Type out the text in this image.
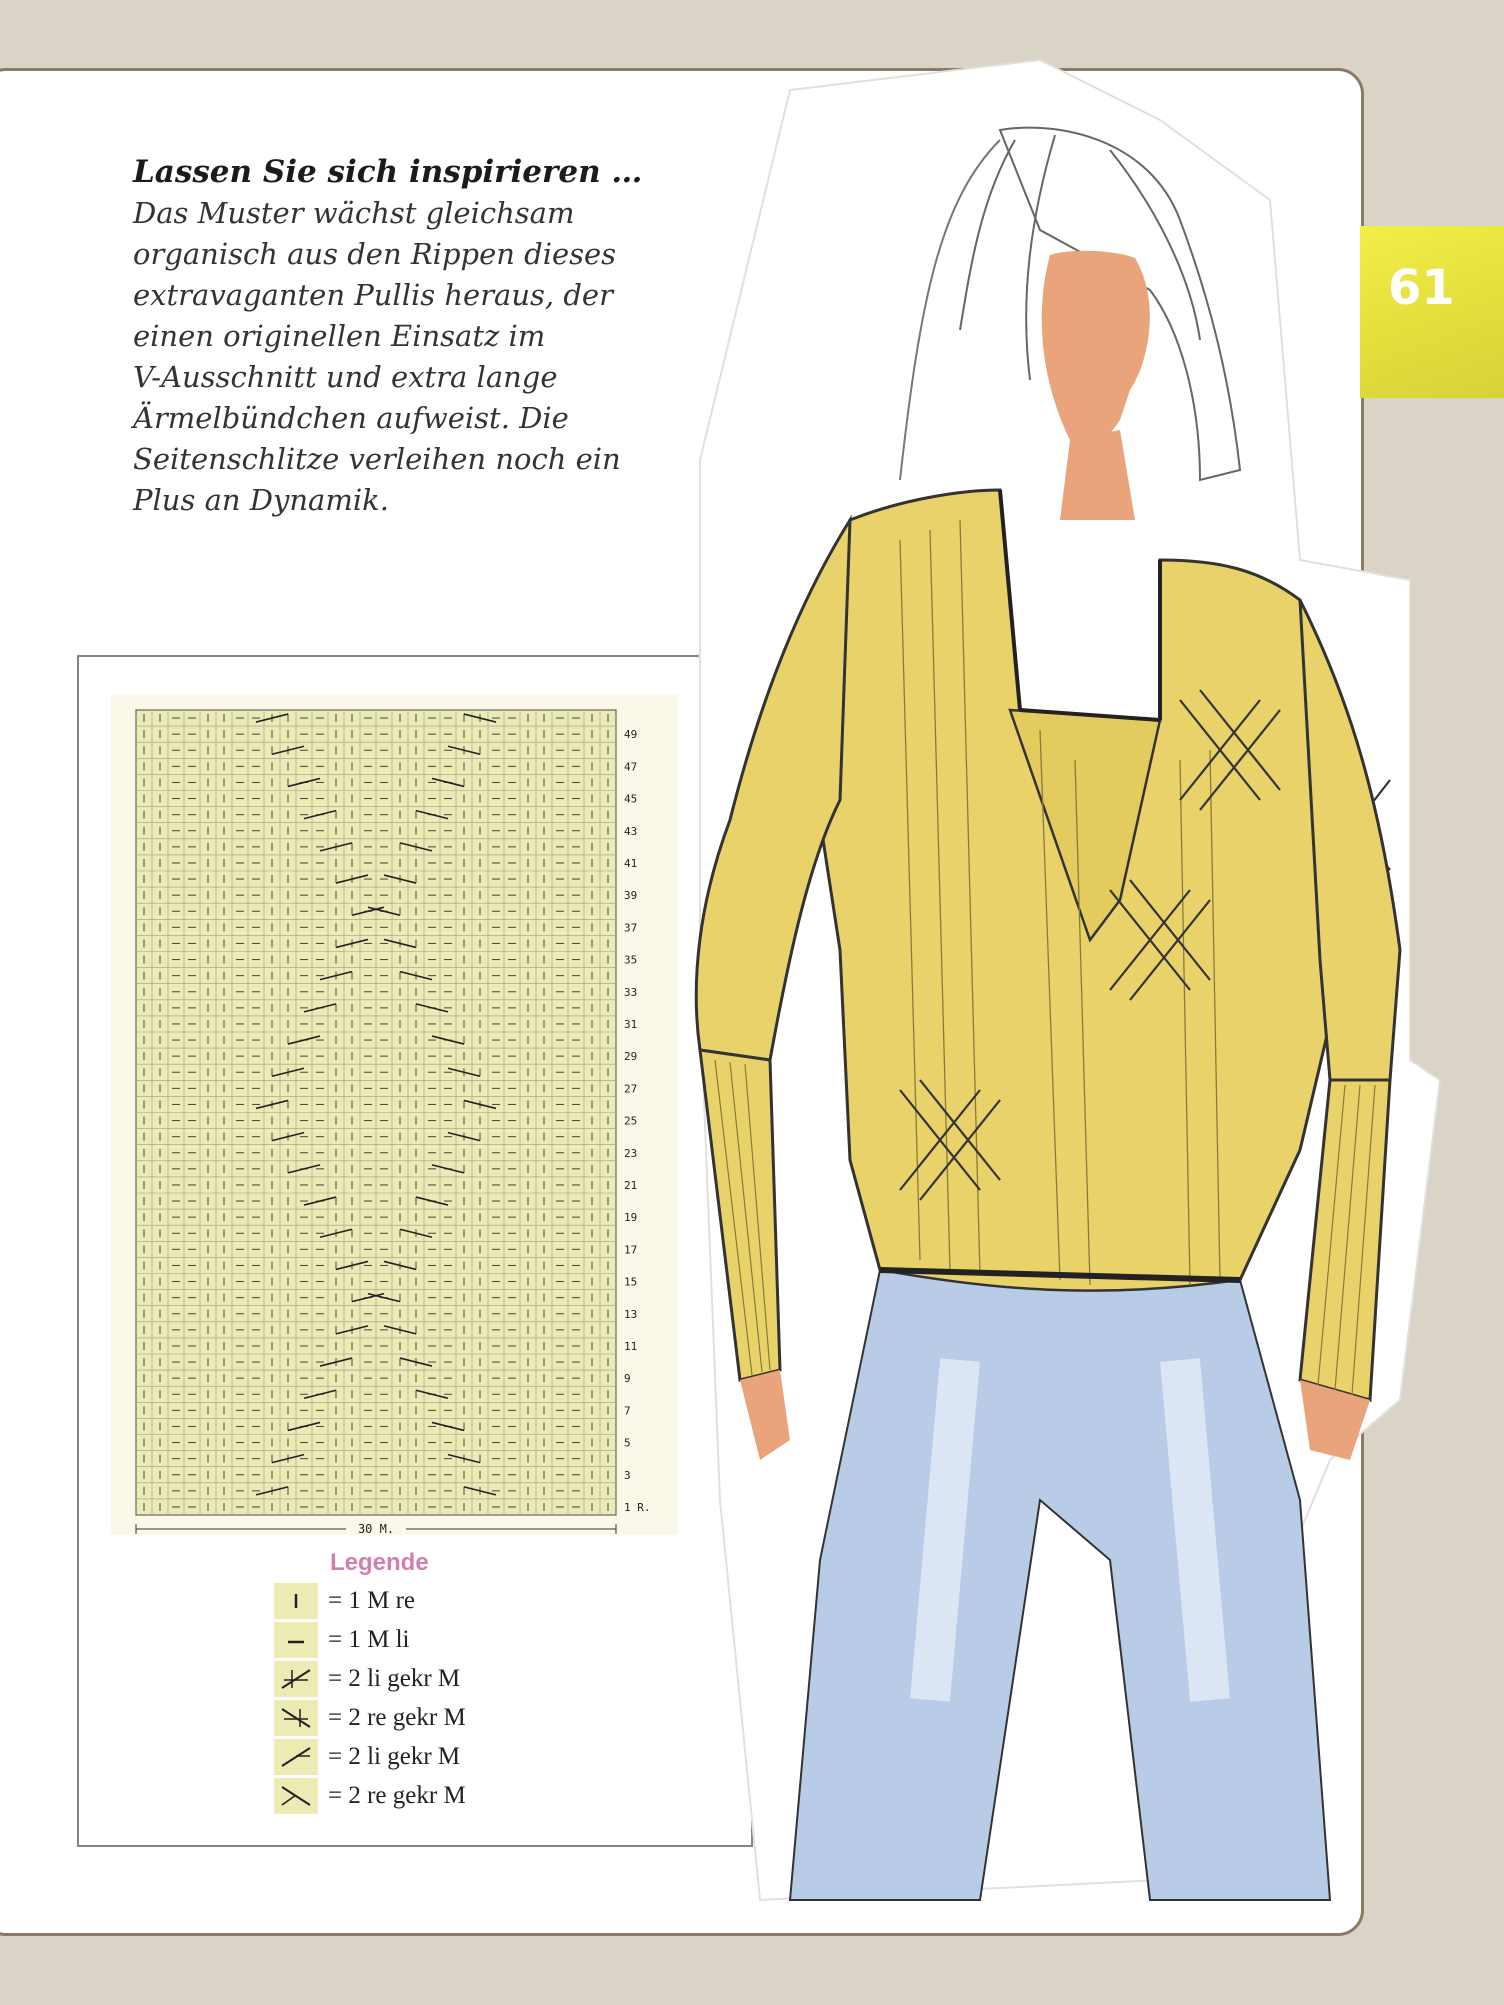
61
Lassen Sie sich inspirieren …
Das Muster wächst gleichsam
organisch aus den Rippen dieses
extravaganten Pullis heraus, der
einen originellen Einsatz im
V-Ausschnitt und extra lange
Ärmelbündchen aufweist. Die
Seitenschlitze verleihen noch ein
Plus an Dynamik.
49
47
45
43
41
39
37
35
33
31
29
27
25
23
21
19
17
15
13
11
9
7
5
3
1 R.
30 M.
Legende
= 1 M re
= 1 M li
= 2 li gekr M
= 2 re gekr M
= 2 li gekr M
= 2 re gekr M
